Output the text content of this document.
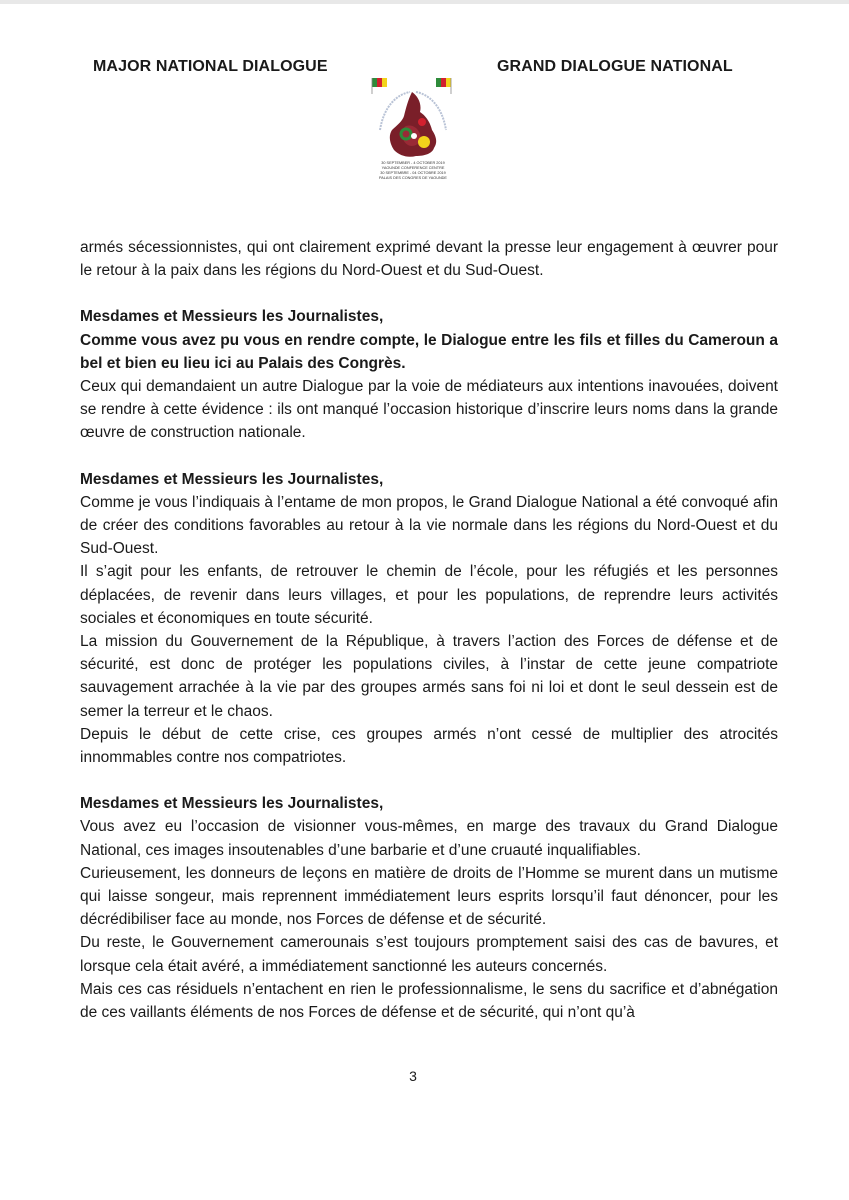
MAJOR NATIONAL DIALOGUE	GRAND DIALOGUE NATIONAL
30 SEPTEMBER - 4 OCTOBER 2019
YAOUNDE CONFERENCE CENTRE
30 SEPTEMBRE - 04 OCTOBRE 2019
PALAIS DES CONGRES DE YAOUNDE

armés sécessionnistes, qui ont clairement exprimé devant la presse leur engagement à œuvrer pour le retour à la paix dans les régions du Nord-Ouest et du Sud-Ouest.

Mesdames et Messieurs les Journalistes,

Comme vous avez pu vous en rendre compte, le Dialogue entre les fils et filles du Cameroun a bel et bien eu lieu ici au Palais des Congrès.

Ceux qui demandaient un autre Dialogue par la voie de médiateurs aux intentions inavouées, doivent se rendre à cette évidence : ils ont manqué l’occasion historique d’inscrire leurs noms dans la grande œuvre de construction nationale.

Mesdames et Messieurs les Journalistes,

Comme je vous l’indiquais à l’entame de mon propos, le Grand Dialogue National a été convoqué afin de créer des conditions favorables au retour à la vie normale dans les régions du Nord-Ouest et du Sud-Ouest.

Il s’agit pour les enfants, de retrouver le chemin de l’école, pour les réfugiés et les personnes déplacées, de revenir dans leurs villages, et pour les populations, de reprendre leurs activités sociales et économiques en toute sécurité.

La mission du Gouvernement de la République, à travers l’action des Forces de défense et de sécurité, est donc de protéger les populations civiles, à l’instar de cette jeune compatriote sauvagement arrachée à la vie par des groupes armés sans foi ni loi et dont le seul dessein est de semer la terreur et le chaos.

Depuis le début de cette crise, ces groupes armés n’ont cessé de multiplier des atrocités innommables contre nos compatriotes.

Mesdames et Messieurs les Journalistes,

Vous avez eu l’occasion de visionner vous-mêmes, en marge des travaux du Grand Dialogue National, ces images insoutenables d’une barbarie et d’une cruauté inqualifiables.

Curieusement, les donneurs de leçons en matière de droits de l’Homme se murent dans un mutisme qui laisse songeur, mais reprennent immédiatement leurs esprits lorsqu’il faut dénoncer, pour les décrédibiliser face au monde, nos Forces de défense et de sécurité.

Du reste, le Gouvernement camerounais s’est toujours promptement saisi des cas de bavures, et lorsque cela était avéré, a immédiatement sanctionné les auteurs concernés.

Mais ces cas résiduels n’entachent en rien le professionnalisme, le sens du sacrifice et d’abnégation de ces vaillants éléments de nos Forces de défense et de sécurité, qui n’ont qu’à

3
